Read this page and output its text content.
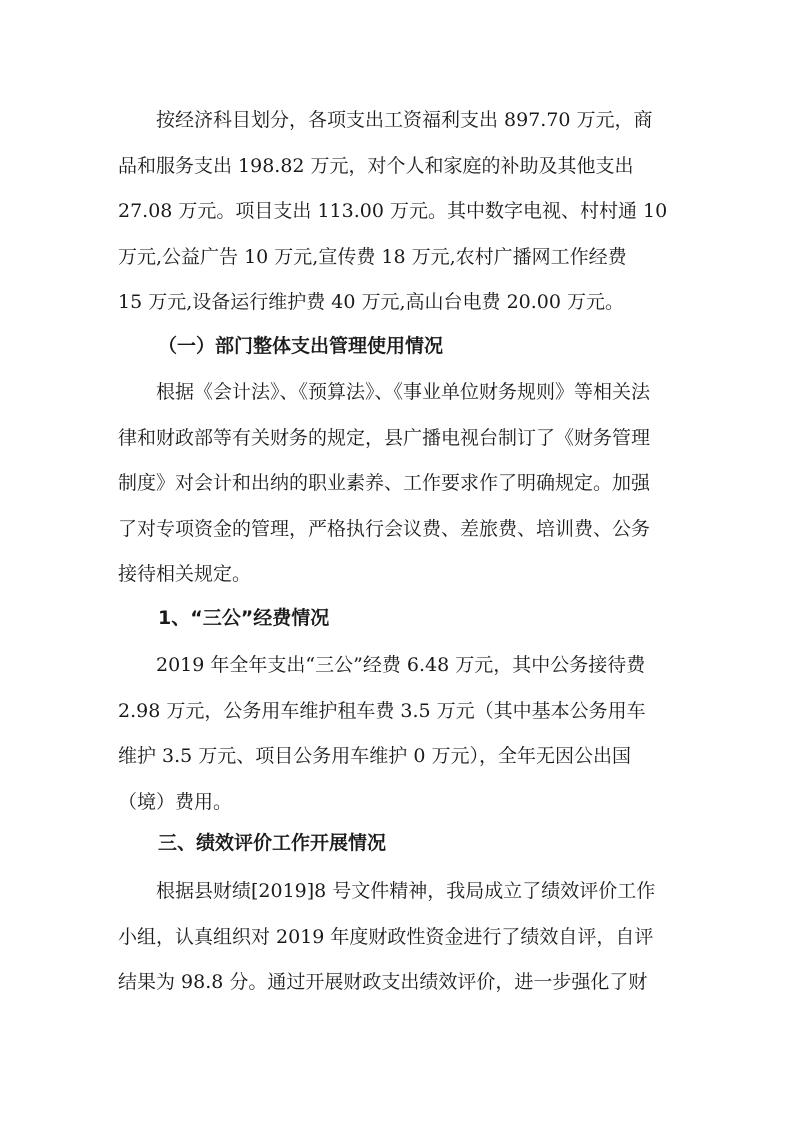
按经济科目划分，各项支出工资福利支出 897.70 万元，商
品和服务支出 198.82 万元，对个人和家庭的补助及其他支出
27.08 万元。项目支出 113.00 万元。其中数字电视、村村通 10
万元,公益广告 10 万元,宣传费 18 万元,农村广播网工作经费
15 万元,设备运行维护费 40 万元,高山台电费 20.00 万元。

（一）部门整体支出管理使用情况

根据《会计法》、《预算法》、《事业单位财务规则》等相关法
律和财政部等有关财务的规定，县广播电视台制订了《财务管理
制度》对会计和出纳的职业素养、工作要求作了明确规定。加强
了对专项资金的管理，严格执行会议费、差旅费、培训费、公务
接待相关规定。

1、“三公”经费情况

2019 年全年支出“三公”经费 6.48 万元，其中公务接待费
2.98 万元，公务用车维护租车费 3.5 万元（其中基本公务用车
维护 3.5 万元、项目公务用车维护 0 万元），全年无因公出国
（境）费用。

三、绩效评价工作开展情况

根据县财绩[2019]8 号文件精神，我局成立了绩效评价工作
小组，认真组织对 2019 年度财政性资金进行了绩效自评，自评
结果为 98.8 分。通过开展财政支出绩效评价，进一步强化了财
